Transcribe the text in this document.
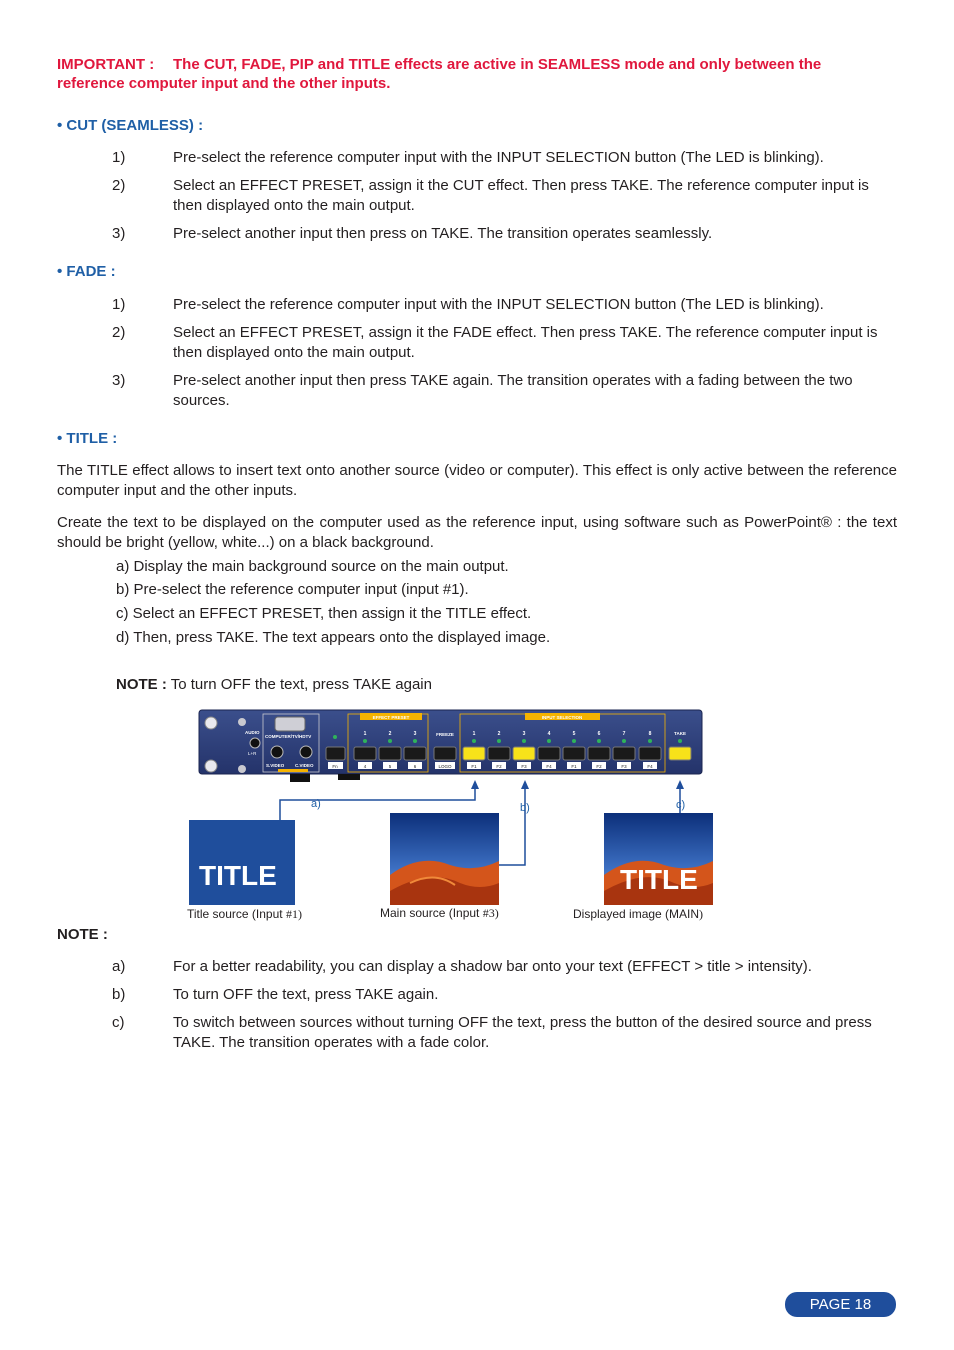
IMPORTANT : The CUT, FADE, PIP and TITLE effects are active in SEAMLESS mode and only between the reference computer input and the other inputs.
• CUT (SEAMLESS) :
1)	Pre-select the reference computer input with the INPUT SELECTION button (The LED is blinking).
2)	Select an EFFECT PRESET, assign it the CUT effect. Then press TAKE. The reference computer input is then displayed onto the main output.
3)	Pre-select another input then press on TAKE. The transition operates seamlessly.
• FADE :
1)	Pre-select the reference computer input with the INPUT SELECTION button (The LED is blinking).
2)	Select an EFFECT PRESET, assign it the FADE effect. Then press TAKE. The reference computer input is then displayed onto the main output.
3)	Pre-select another input then press TAKE again. The transition operates with a fading between the two sources.
• TITLE :
The TITLE effect allows to insert text onto another source (video or computer). This effect is only active between the reference computer input and the other inputs.
Create the text to be displayed on the computer used as the reference input, using software such as PowerPoint® : the text should be bright (yellow, white...) on a black background.
a) Display the main background source on the main output.
b) Pre-select the reference computer input (input #1).
c) Select an EFFECT PRESET, then assign it the TITLE effect.
d) Then, press TAKE. The text appears onto the displayed image.
NOTE : To turn OFF the text, press TAKE again
AUDIO
L+R
COMPUTER/TV/HDTV
S.VIDEO C.VIDEO
EFFECT PRESET
Fn
1
4
2
5
3
6
FREEZE
LOGO
INPUT SELECTION
1
F1
2
F2
3
F3
4
F4
5
F1
6
F2
7
F3
8
F4
TAKE
a)	b)	c)
TITLE	TITLE
Title source (Input #1)	Main source (Input #3)	Displayed image (MAIN)
NOTE :
a)	For a better readability, you can display a shadow bar onto your text (EFFECT > title > intensity).
b)	To turn OFF the text, press TAKE again.
c)	To switch between sources without turning OFF the text, press the button of the desired source and press TAKE. The transition operates with a fade color.
PAGE 18
